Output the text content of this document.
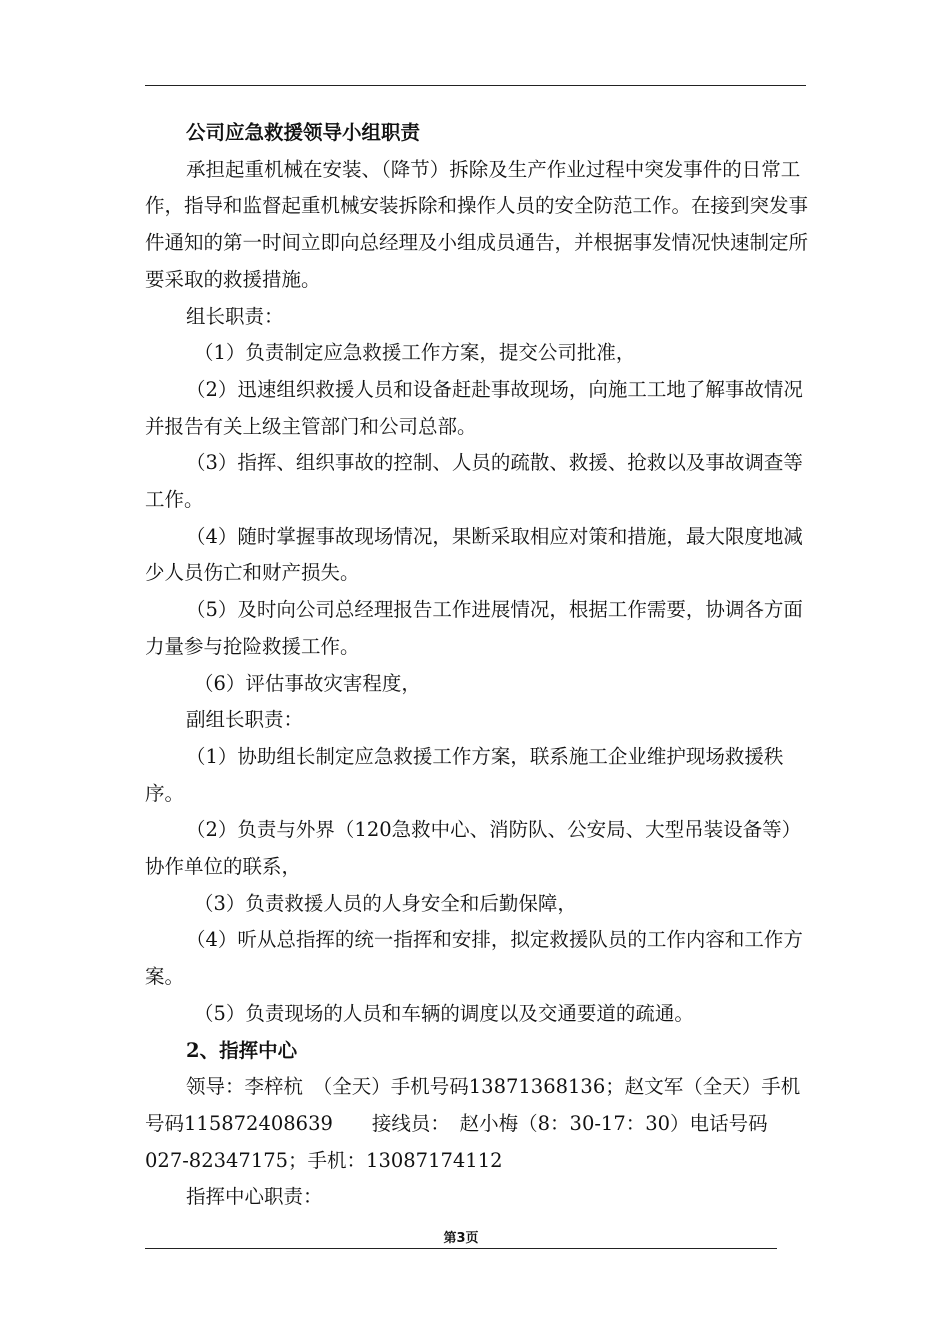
公司应急救援领导小组职责

承担起重机械在安装、（降节）拆除及生产作业过程中突发事件的日常工作，指导和监督起重机械安装拆除和操作人员的安全防范工作。在接到突发事件通知的第一时间立即向总经理及小组成员通告，并根据事发情况快速制定所要采取的救援措施。

组长职责：

（1）负责制定应急救援工作方案，提交公司批准，

（2）迅速组织救援人员和设备赶赴事故现场，向施工工地了解事故情况并报告有关上级主管部门和公司总部。

（3）指挥、组织事故的控制、人员的疏散、救援、抢救以及事故调查等工作。

（4）随时掌握事故现场情况，果断采取相应对策和措施，最大限度地减少人员伤亡和财产损失。

（5）及时向公司总经理报告工作进展情况，根据工作需要，协调各方面力量参与抢险救援工作。

（6）评估事故灾害程度，

副组长职责：

（1）协助组长制定应急救援工作方案，联系施工企业维护现场救援秩序。

（2）负责与外界（120急救中心、消防队、公安局、大型吊装设备等）协作单位的联系，

（3）负责救援人员的人身安全和后勤保障，

（4）听从总指挥的统一指挥和安排，拟定救援队员的工作内容和工作方案。

（5）负责现场的人员和车辆的调度以及交通要道的疏通。

2、指挥中心

领导：李梓杭　（全天）手机号码13871368136；赵文军（全天）手机号码115872408639　　接线员：　赵小梅（8：30-17：30）电话号码027-82347175；手机：13087174112

指挥中心职责：

第3页
